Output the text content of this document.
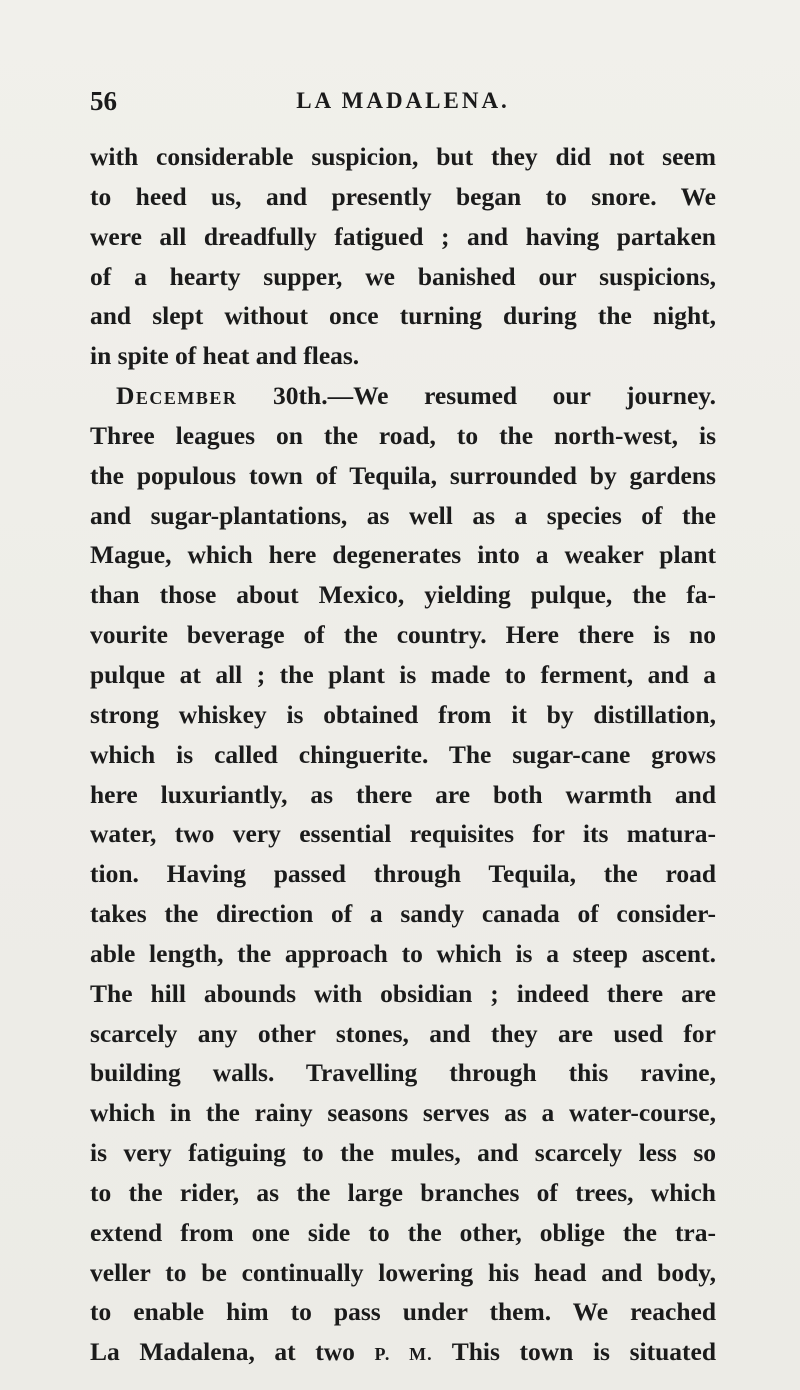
56	LA MADALENA.
with considerable suspicion, but they did not seem
to heed us, and presently began to snore. We
were all dreadfully fatigued ; and having partaken
of a hearty supper, we banished our suspicions,
and slept without once turning during the night,
in spite of heat and fleas.
December 30th.—We resumed our journey.
Three leagues on the road, to the north-west, is
the populous town of Tequila, surrounded by gardens
and sugar-plantations, as well as a species of the
Mague, which here degenerates into a weaker plant
than those about Mexico, yielding pulque, the fa-
vourite beverage of the country. Here there is no
pulque at all ; the plant is made to ferment, and a
strong whiskey is obtained from it by distillation,
which is called chinguerite. The sugar-cane grows
here luxuriantly, as there are both warmth and
water, two very essential requisites for its matura-
tion. Having passed through Tequila, the road
takes the direction of a sandy canada of consider-
able length, the approach to which is a steep ascent.
The hill abounds with obsidian ; indeed there are
scarcely any other stones, and they are used for
building walls. Travelling through this ravine,
which in the rainy seasons serves as a water-course,
is very fatiguing to the mules, and scarcely less so
to the rider, as the large branches of trees, which
extend from one side to the other, oblige the tra-
veller to be continually lowering his head and body,
to enable him to pass under them. We reached
La Madalena, at two P. M. This town is situated
